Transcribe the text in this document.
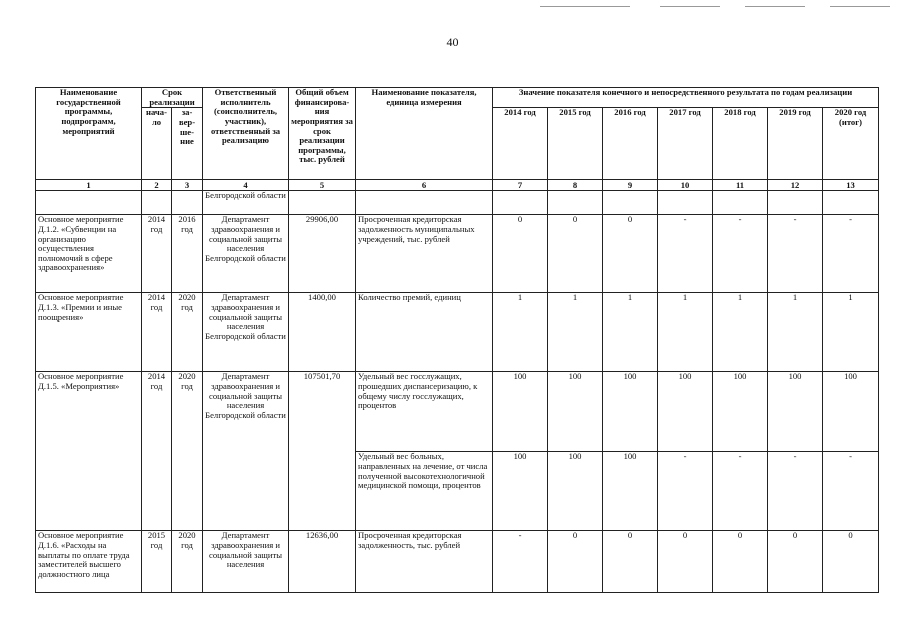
40
Наименование государственной программы, подпрограмм, мероприятий	Срок реализации		Ответственный исполнитель (соисполнитель, участник), ответственный за реализацию	Общий объем финансирова-ния мероприятия за срок реализации программы, тыс. рублей	Наименование показателя, единица измерения	Значение показателя конечного и непосредственного результата по годам реализации						
	нача-ло	за-вер-ше-ние				2014 год	2015 год	2016 год	2017 год	2018 год	2019 год	2020 год (итог)
1	2	3	4	5	6	7	8	9	10	11	12	13
			Белгородской области									
Основное мероприятие Д.1.2. «Субвенции на организацию осуществления полномочий в сфере здравоохранения»	2014 год	2016 год	Департамент здравоохранения и социальной защиты населения Белгородской области	29906,00	Просроченная кредиторская задолженность муниципальных учреждений, тыс. рублей	0	0	0	-	-	-	-
Основное мероприятие Д.1.3. «Премии и иные поощрения»	2014 год	2020 год	Департамент здравоохранения и социальной защиты населения Белгородской области	1400,00	Количество премий, единиц	1	1	1	1	1	1	1
Основное мероприятие Д.1.5. «Мероприятия»	2014 год	2020 год	Департамент здравоохранения и социальной защиты населения Белгородской области	107501,70	Удельный вес госслужащих, прошедших диспансеризацию, к общему числу госслужащих, процентов	100	100	100	100	100	100	100
					Удельный вес больных, направленных на лечение, от числа полученной высокотехнологичной медицинской помощи, процентов	100	100	100	-	-	-	-
Основное мероприятие Д.1.6. «Расходы на выплаты по оплате труда заместителей высшего должностного лица	2015 год	2020 год	Департамент здравоохранения и социальной защиты населения	12636,00	Просроченная кредиторская задолженность, тыс. рублей	-	0	0	0	0	0	0
